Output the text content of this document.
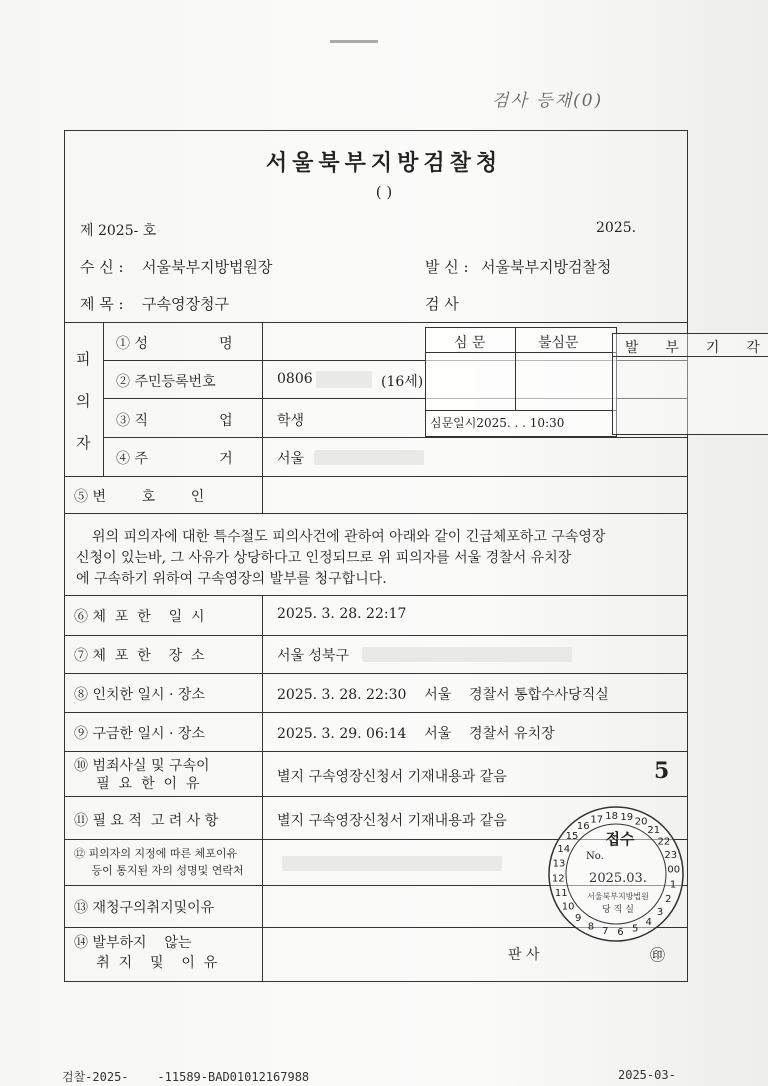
검사 등재(0)
서울북부지방검찰청
( )
제 2025- 호	2025.
수 신 : 서울북부지방법원장	발 신 : 서울북부지방검찰청
제 목 : 구속영장청구	검 사
피
의
자
① 성                명
② 주민등록번호	0806	(16세)
③ 직                업	학생
④ 주                거	서울
⑤ 변        호        인
위의 피의자에 대한 특수절도 피의사건에 관하여 아래와 같이 긴급체포하고 구속영장
신청이 있는바, 그 사유가 상당하다고 인정되므로 위 피의자를 서울 경찰서 유치장
에 구속하기 위하여 구속영장의 발부를 청구합니다.
⑥ 체  포  한    일  시	2025. 3. 28. 22:17
⑦ 체  포  한    장  소	서울 성북구
⑧ 인치한 일시 · 장소	2025. 3. 28. 22:30    서울    경찰서 통합수사당직실
⑨ 구금한 일시 · 장소	2025. 3. 29. 06:14    서울    경찰서 유치장
⑩ 범죄사실 및 구속이
필  요  한  이  유	별지 구속영장신청서 기재내용과 같음	5
⑪ 필 요 적  고 려 사 항	별지 구속영장신청서 기재내용과 같음
⑫ 피의자의 지정에 따른 체포이유
등이 통지된 자의 성명및 연락처
⑬ 재청구의취지및이유
⑭ 발부하지    않는
취  지    및    이  유	판 사	㊞
심 문	불심문
심문일시2025. . . 10:30
발  부  기  각
16
17 18 19 20
21
22
23
00
1
2
3
4
5
6
7
8
9
10
11
12
13
14
15 접수
No.
2025.03.
서울북부지방법원
당 직 실
검찰-2025-    -11589-BAD01012167988	2025-03-
